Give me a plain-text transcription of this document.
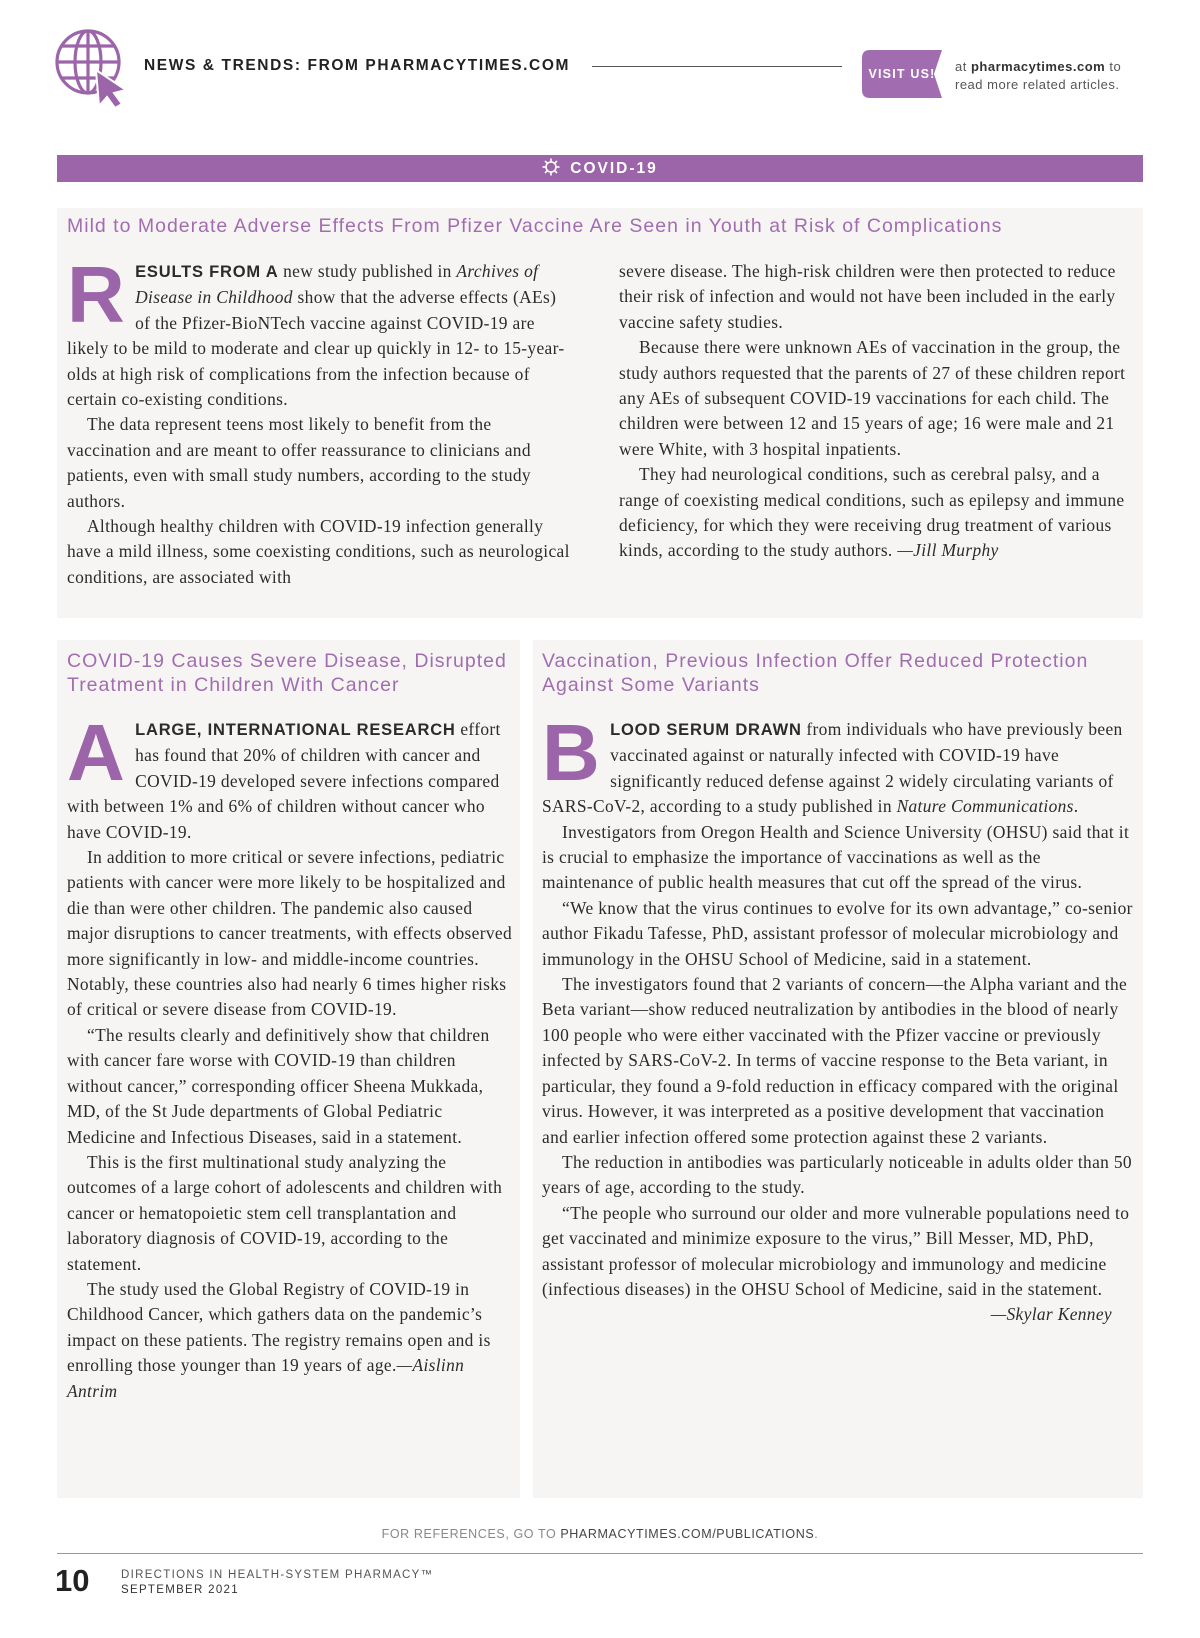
NEWS & TRENDS: FROM PHARMACYTIMES.COM	VISIT US!	at pharmacytimes.com to
read more related articles.
COVID-19
Mild to Moderate Adverse Effects From Pfizer Vaccine Are Seen in Youth at Risk of Complications

RESULTS FROM A new study published in Archives of Disease in Childhood show that the adverse effects (AEs) of the Pfizer-BioNTech vaccine against COVID-19 are likely to be mild to moderate and clear up quickly in 12- to 15-year-olds at high risk of complications from the infection because of certain co-existing conditions.

The data represent teens most likely to benefit from the vaccination and are meant to offer reassurance to clinicians and patients, even with small study numbers, according to the study authors.

Although healthy children with COVID-19 infection generally have a mild illness, some coexisting conditions, such as neurological conditions, are associated with

severe disease. The high-risk children were then protected to reduce their risk of infection and would not have been included in the early vaccine safety studies.

Because there were unknown AEs of vaccination in the group, the study authors requested that the parents of 27 of these children report any AEs of subsequent COVID-19 vaccinations for each child. The children were between 12 and 15 years of age; 16 were male and 21 were White, with 3 hospital inpatients.

They had neurological conditions, such as cerebral palsy, and a range of coexisting medical conditions, such as epilepsy and immune deficiency, for which they were receiving drug treatment of various kinds, according to the study authors. —Jill Murphy

COVID-19 Causes Severe Disease, Disrupted Treatment in Children With Cancer

ALARGE, INTERNATIONAL RESEARCH effort has found that 20% of children with cancer and COVID-19 developed severe infections compared with between 1% and 6% of children without cancer who have COVID-19.

In addition to more critical or severe infections, pediatric patients with cancer were more likely to be hospitalized and die than were other children. The pandemic also caused major disruptions to cancer treatments, with effects observed more significantly in low- and middle-income countries. Notably, these countries also had nearly 6 times higher risks of critical or severe disease from COVID-19.

“The results clearly and definitively show that children with cancer fare worse with COVID-19 than children without cancer,” corresponding officer Sheena Mukkada, MD, of the St Jude departments of Global Pediatric Medicine and Infectious Diseases, said in a statement.

This is the first multinational study analyzing the outcomes of a large cohort of adolescents and children with cancer or hematopoietic stem cell transplantation and laboratory diagnosis of COVID-19, according to the statement.

The study used the Global Registry of COVID-19 in Childhood Cancer, which gathers data on the pandemic’s impact on these patients. The registry remains open and is enrolling those younger than 19 years of age.—Aislinn Antrim

Vaccination, Previous Infection Offer Reduced Protection Against Some Variants

BLOOD SERUM DRAWN from individuals who have previously been vaccinated against or naturally infected with COVID-19 have significantly reduced defense against 2 widely circulating variants of SARS-CoV-2, according to a study published in Nature Communications.

Investigators from Oregon Health and Science University (OHSU) said that it is crucial to emphasize the importance of vaccinations as well as the maintenance of public health measures that cut off the spread of the virus.

“We know that the virus continues to evolve for its own advantage,” co-senior author Fikadu Tafesse, PhD, assistant professor of molecular microbiology and immunology in the OHSU School of Medicine, said in a statement.

The investigators found that 2 variants of concern—the Alpha variant and the Beta variant—show reduced neutralization by antibodies in the blood of nearly 100 people who were either vaccinated with the Pfizer vaccine or previously infected by SARS-CoV-2. In terms of vaccine response to the Beta variant, in particular, they found a 9-fold reduction in efficacy compared with the original virus. However, it was interpreted as a positive development that vaccination and earlier infection offered some protection against these 2 variants.

The reduction in antibodies was particularly noticeable in adults older than 50 years of age, according to the study.

“The people who surround our older and more vulnerable populations need to get vaccinated and minimize exposure to the virus,” Bill Messer, MD, PhD, assistant professor of molecular microbiology and immunology and medicine (infectious diseases) in the OHSU School of Medicine, said in the statement.

—Skylar Kenney
FOR REFERENCES, GO TO PHARMACYTIMES.COM/PUBLICATIONS.
10	DIRECTIONS IN HEALTH-SYSTEM PHARMACY™
SEPTEMBER 2021
